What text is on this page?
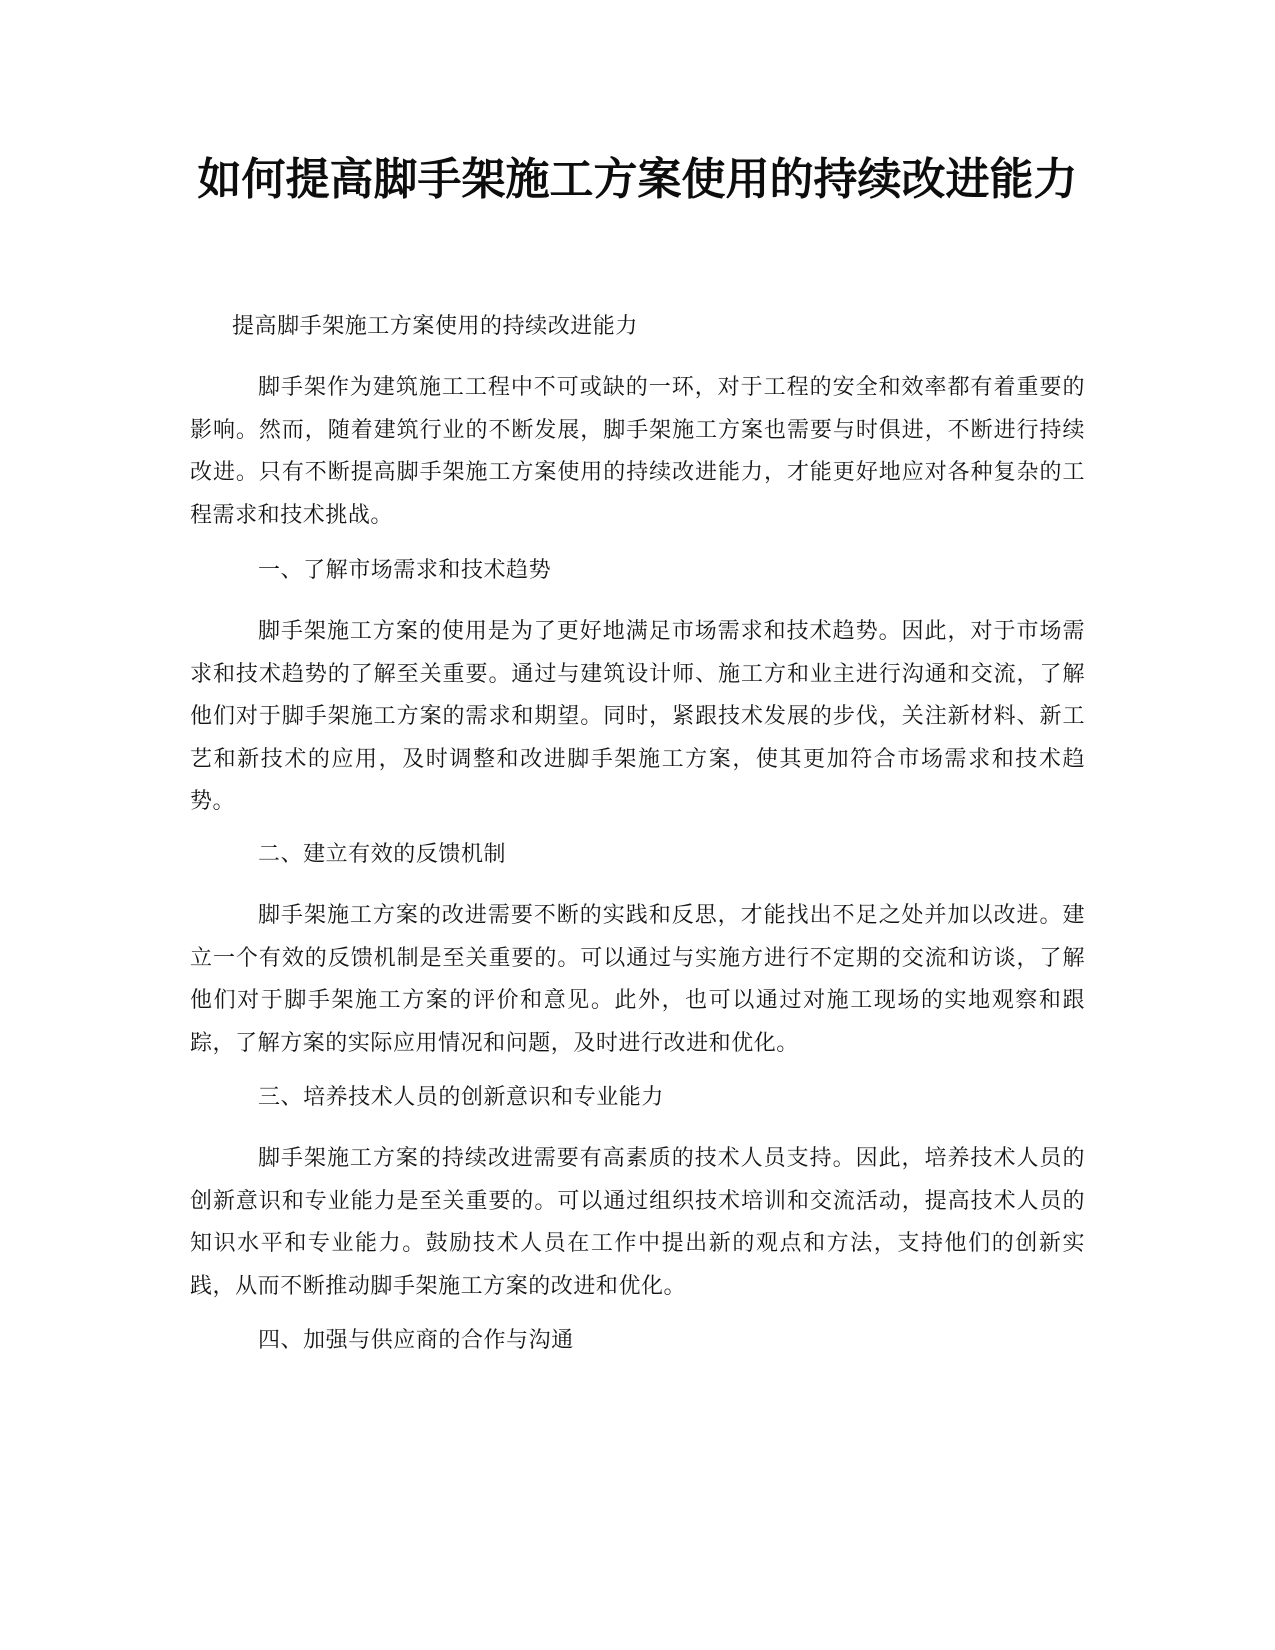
如何提高脚手架施工方案使用的持续改进能力

提高脚手架施工方案使用的持续改进能力

脚手架作为建筑施工工程中不可或缺的一环，对于工程的安全和效率都有着重要的影响。然而，随着建筑行业的不断发展，脚手架施工方案也需要与时俱进，不断进行持续改进。只有不断提高脚手架施工方案使用的持续改进能力，才能更好地应对各种复杂的工程需求和技术挑战。

一、了解市场需求和技术趋势

脚手架施工方案的使用是为了更好地满足市场需求和技术趋势。因此，对于市场需求和技术趋势的了解至关重要。通过与建筑设计师、施工方和业主进行沟通和交流，了解他们对于脚手架施工方案的需求和期望。同时，紧跟技术发展的步伐，关注新材料、新工艺和新技术的应用，及时调整和改进脚手架施工方案，使其更加符合市场需求和技术趋势。

二、建立有效的反馈机制

脚手架施工方案的改进需要不断的实践和反思，才能找出不足之处并加以改进。建立一个有效的反馈机制是至关重要的。可以通过与实施方进行不定期的交流和访谈，了解他们对于脚手架施工方案的评价和意见。此外，也可以通过对施工现场的实地观察和跟踪，了解方案的实际应用情况和问题，及时进行改进和优化。

三、培养技术人员的创新意识和专业能力

脚手架施工方案的持续改进需要有高素质的技术人员支持。因此，培养技术人员的创新意识和专业能力是至关重要的。可以通过组织技术培训和交流活动，提高技术人员的知识水平和专业能力。鼓励技术人员在工作中提出新的观点和方法，支持他们的创新实践，从而不断推动脚手架施工方案的改进和优化。

四、加强与供应商的合作与沟通
